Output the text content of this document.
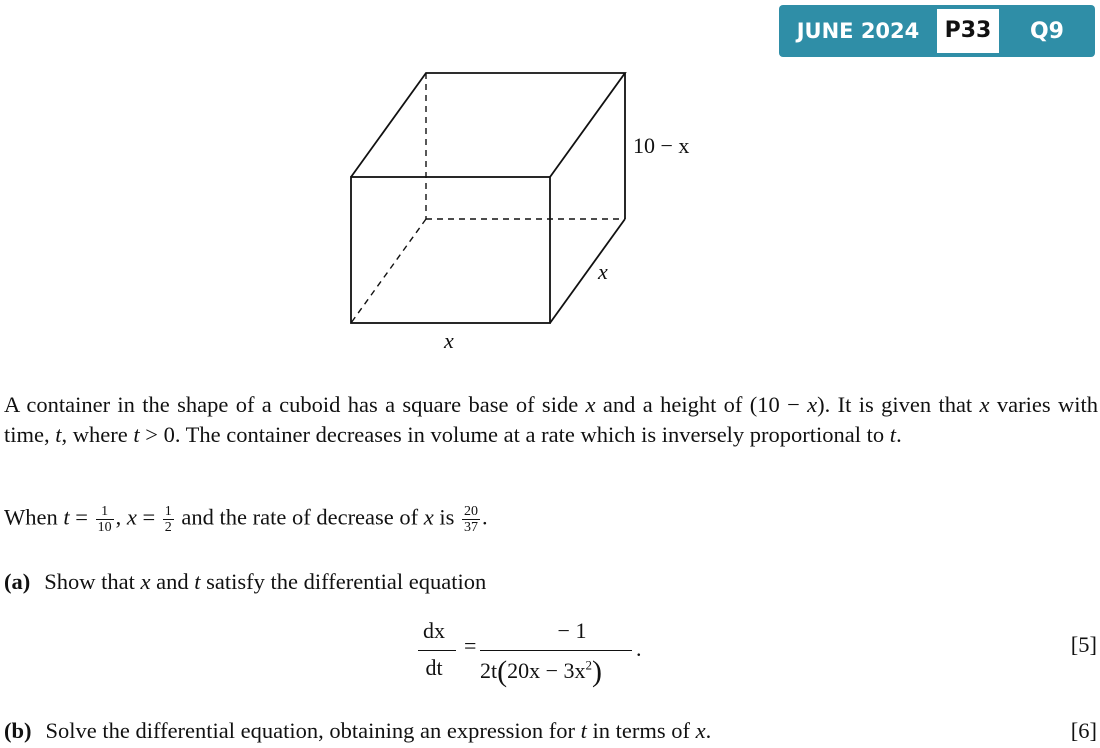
JUNE 2024	P33	Q9
10 − x
x
x
A container in the shape of a cuboid has a square base of side x and a height of (10 − x). It is given that x varies with time, t, where t > 0. The container decreases in volume at a rate which is inversely proportional to t.
When $t = \frac{1}{10}$ , $x = \frac{1}{2}$ and the rate of decrease of x is $\frac{20}{37}$ .
(a) Show that x and t satisfy the differential equation
dx
dt
=
− 1
$2t(20x - 3x^2)$
.	[5]
(b) Solve the differential equation, obtaining an expression for t in terms of x.	[6]
